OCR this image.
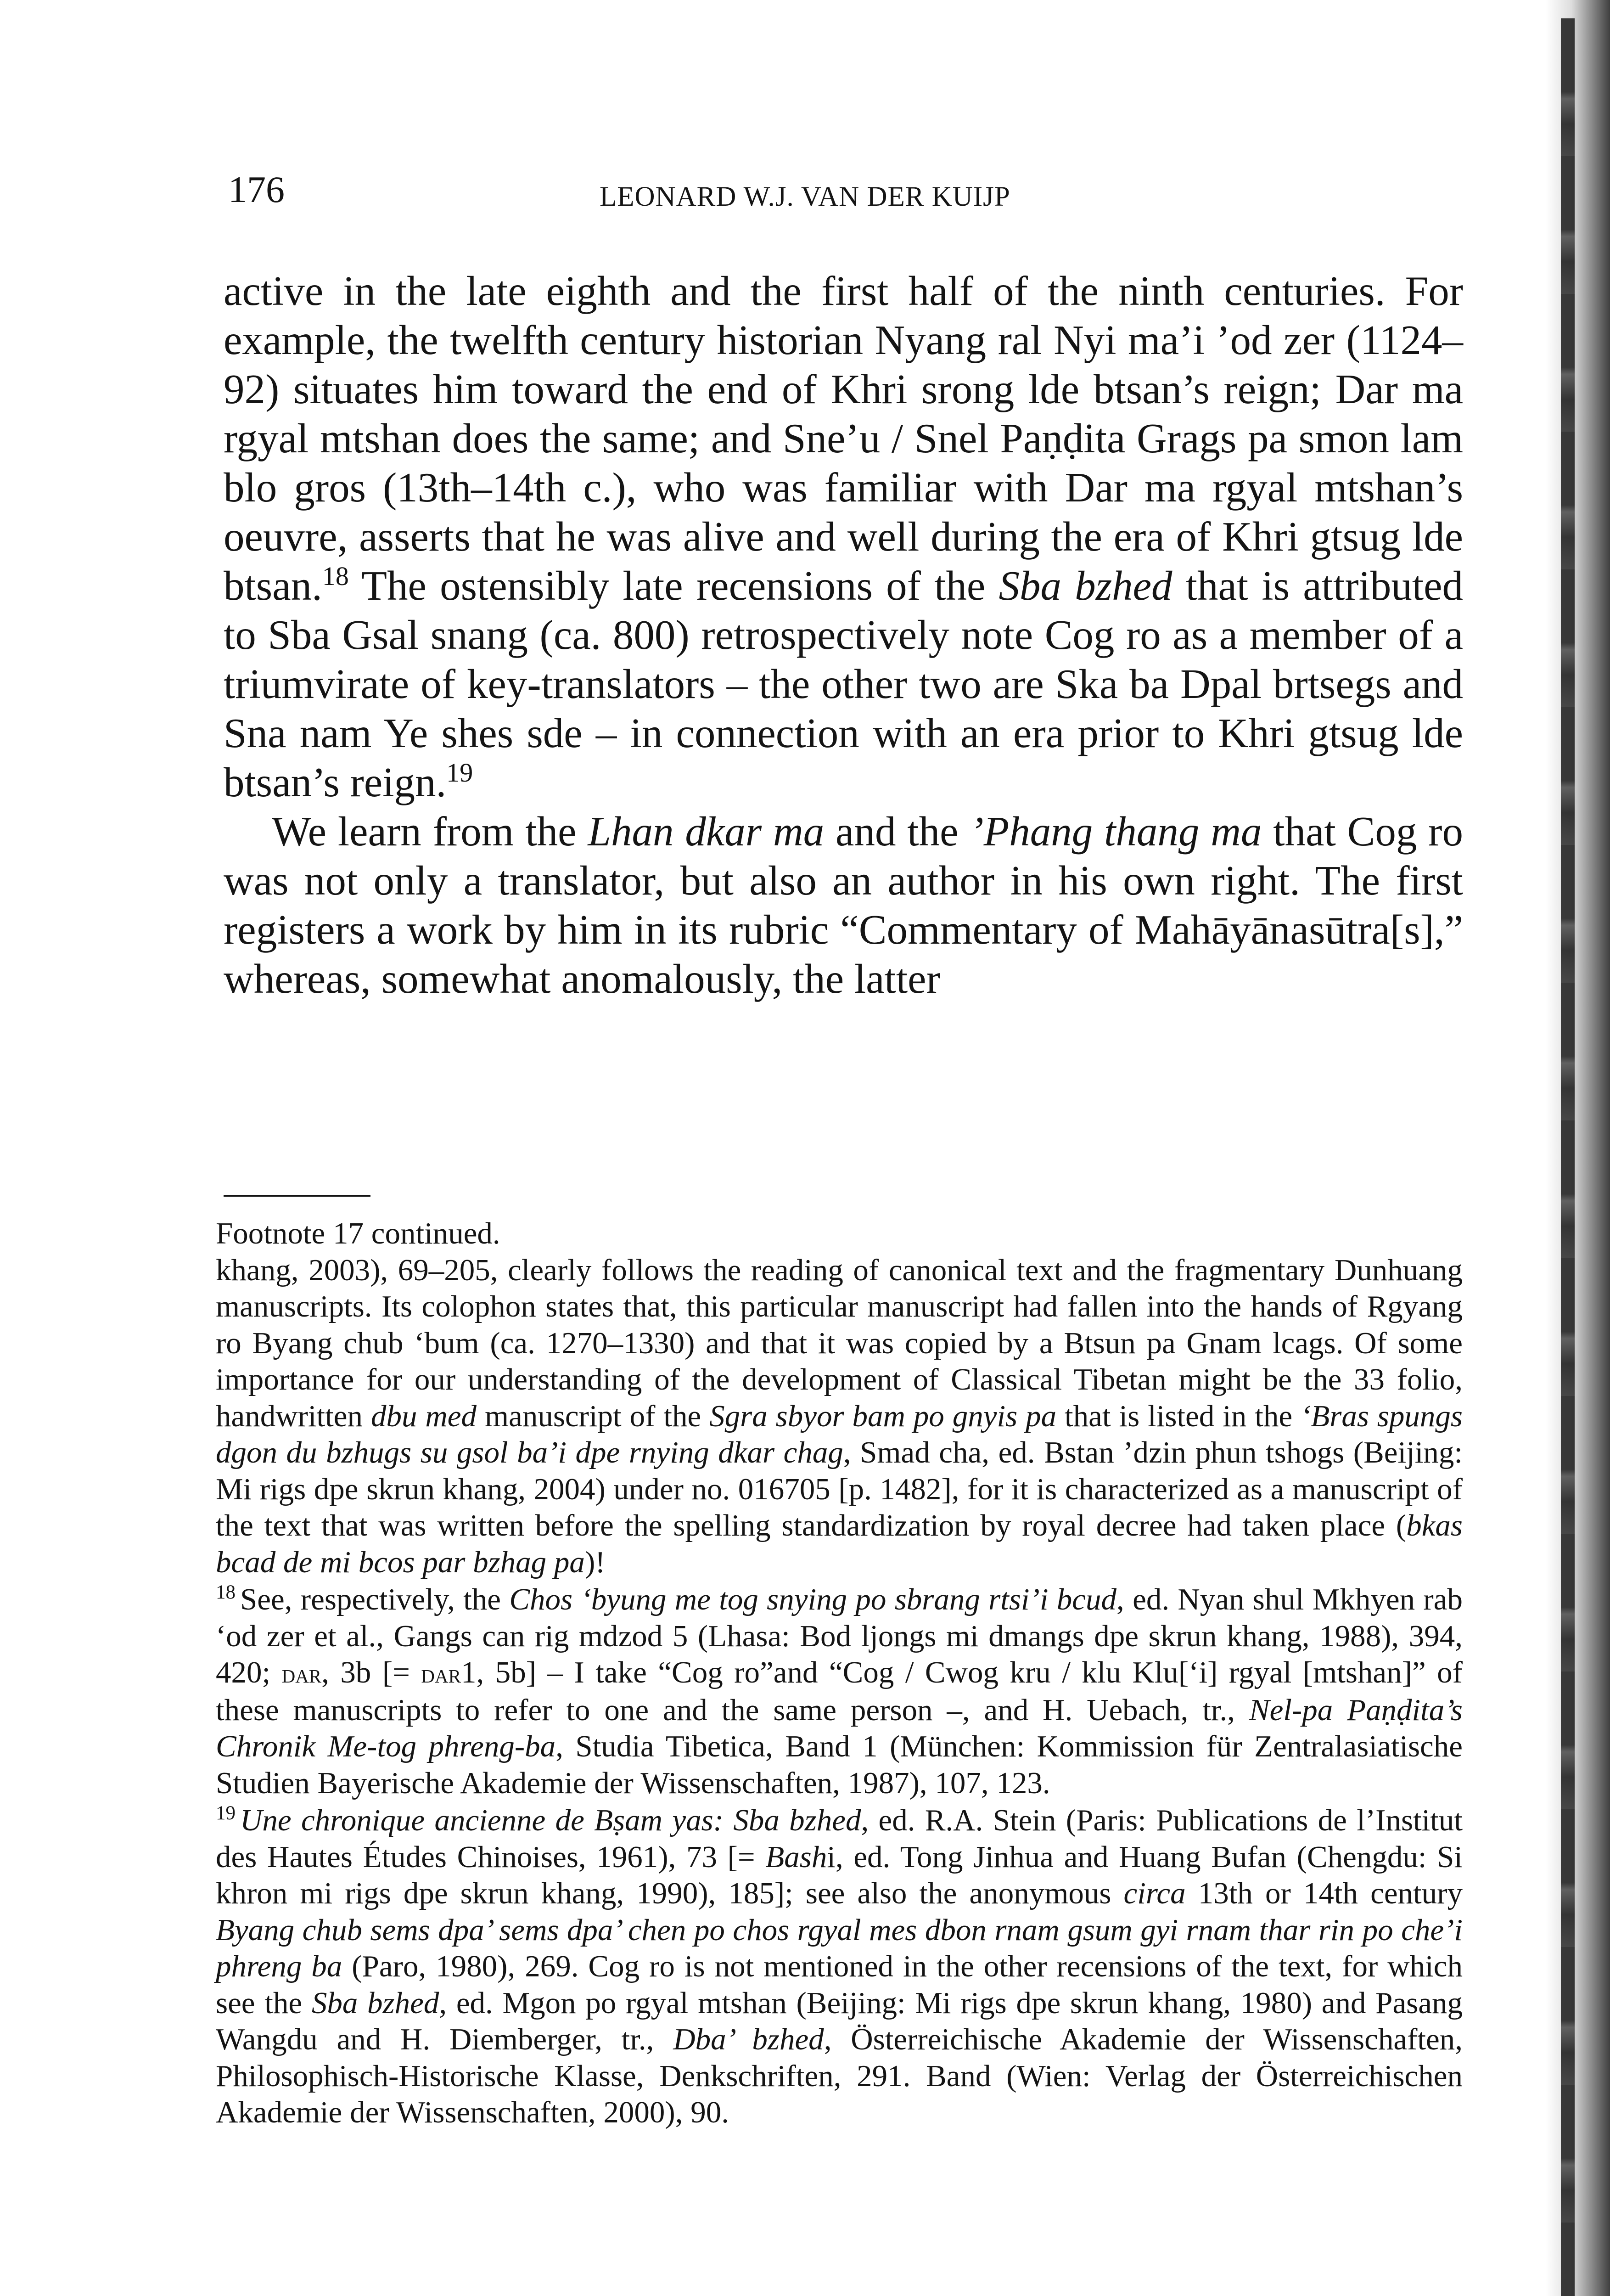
176	LEONARD W.J. VAN DER KUIJP

active in the late eighth and the first half of the ninth centuries. For example, the twelfth century historian Nyang ral Nyi ma’i ’od zer (1124–92) situates him toward the end of Khri srong lde btsan’s reign; Dar ma rgyal mtshan does the same; and Sne’u / Snel Paṇḍita Grags pa smon lam blo gros (13th–14th c.), who was familiar with Dar ma rgyal mtshan’s oeuvre, asserts that he was alive and well during the era of Khri gtsug lde btsan.$^{18}$ The ostensibly late recensions of the Sba bzhed that is attributed to Sba Gsal snang (ca. 800) retrospectively note Cog ro as a member of a triumvirate of key-translators – the other two are Ska ba Dpal brtsegs and Sna nam Ye shes sde – in connection with an era prior to Khri gtsug lde btsan’s reign.$^{19}$

We learn from the Lhan dkar ma and the ’Phang thang ma that Cog ro was not only a translator, but also an author in his own right. The first registers a work by him in its rubric “Commentary of Mahāyānasūtra[s],” whereas, somewhat anomalously, the latter

Footnote 17 continued.

khang, 2003), 69–205, clearly follows the reading of canonical text and the fragmentary Dunhuang manuscripts. Its colophon states that, this particular manuscript had fallen into the hands of Rgyang ro Byang chub ‘bum (ca. 1270–1330) and that it was copied by a Btsun pa Gnam lcags. Of some importance for our understanding of the development of Classical Tibetan might be the 33 folio, handwritten dbu med manuscript of the Sgra sbyor bam po gnyis pa that is listed in the ‘Bras spungs dgon du bzhugs su gsol ba’i dpe rnying dkar chag, Smad cha, ed. Bstan ’dzin phun tshogs (Beijing: Mi rigs dpe skrun khang, 2004) under no. 016705 [p. 1482], for it is characterized as a manuscript of the text that was written before the spelling standardization by royal decree had taken place (bkas bcad de mi bcos par bzhag pa)!

$^{18}$ See, respectively, the Chos ‘byung me tog snying po sbrang rtsi’i bcud, ed. Nyan shul Mkhyen rab ‘od zer et al., Gangs can rig mdzod 5 (Lhasa: Bod ljongs mi dmangs dpe skrun khang, 1988), 394, 420; dar, 3b [= dar1, 5b] – I take “Cog ro”and “Cog / Cwog kru / klu Klu[‘i] rgyal [mtshan]” of these manuscripts to refer to one and the same person –, and H. Uebach, tr., Nel-pa Paṇḍita’s Chronik Me-tog phreng-ba, Studia Tibetica, Band 1 (München: Kommission für Zentralasiatische Studien Bayerische Akademie der Wissenschaften, 1987), 107, 123.

$^{19}$ Une chronique ancienne de Bṣam yas: Sba bzhed, ed. R.A. Stein (Paris: Publications de l’Institut des Hautes Études Chinoises, 1961), 73 [= Bashi, ed. Tong Jinhua and Huang Bufan (Chengdu: Si khron mi rigs dpe skrun khang, 1990), 185]; see also the anonymous circa 13th or 14th century Byang chub sems dpa’ sems dpa’ chen po chos rgyal mes dbon rnam gsum gyi rnam thar rin po che’i phreng ba (Paro, 1980), 269. Cog ro is not mentioned in the other recensions of the text, for which see the Sba bzhed, ed. Mgon po rgyal mtshan (Beijing: Mi rigs dpe skrun khang, 1980) and Pasang Wangdu and H. Diemberger, tr., Dba’ bzhed, Österreichische Akademie der Wissenschaften, Philosophisch-Historische Klasse, Denkschriften, 291. Band (Wien: Verlag der Österreichischen Akademie der Wissenschaften, 2000), 90.
